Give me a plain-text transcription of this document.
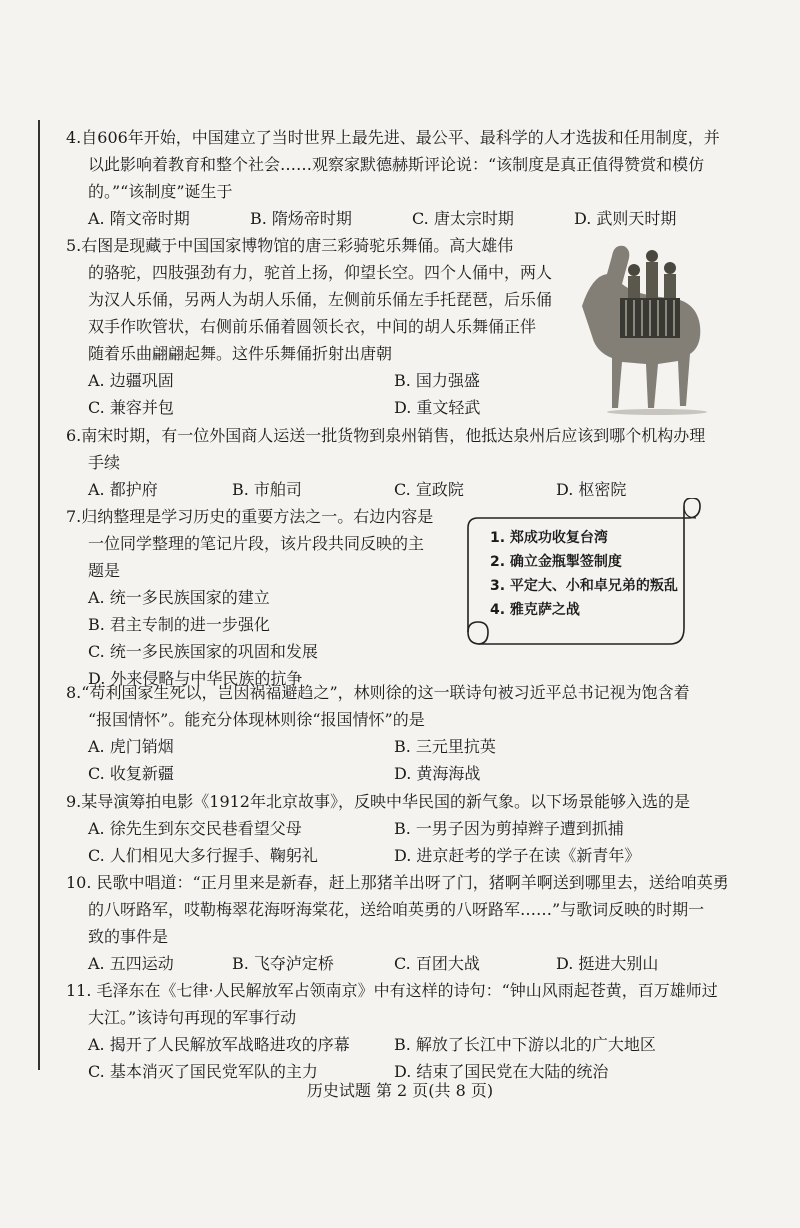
4.自606年开始，中国建立了当时世界上最先进、最公平、最科学的人才选拔和任用制度，并

以此影响着教育和整个社会……观察家默德赫斯评论说：“该制度是真正值得赞赏和模仿

的。”“该制度”诞生于

A. 隋文帝时期	B. 隋炀帝时期	C. 唐太宗时期	D. 武则天时期

5.右图是现藏于中国国家博物馆的唐三彩骑驼乐舞俑。高大雄伟

的骆驼，四肢强劲有力，驼首上扬，仰望长空。四个人俑中，两人

为汉人乐俑，另两人为胡人乐俑，左侧前乐俑左手托琵琶，后乐俑

双手作吹管状，右侧前乐俑着圆领长衣，中间的胡人乐舞俑正伴

随着乐曲翩翩起舞。这件乐舞俑折射出唐朝

A. 边疆巩固	B. 国力强盛
C. 兼容并包	D. 重文轻武

6.南宋时期，有一位外国商人运送一批货物到泉州销售，他抵达泉州后应该到哪个机构办理

手续

A. 都护府	B. 市舶司	C. 宣政院	D. 枢密院

7.归纳整理是学习历史的重要方法之一。右边内容是

一位同学整理的笔记片段，该片段共同反映的主

题是

A. 统一多民族国家的建立

B. 君主专制的进一步强化

C. 统一多民族国家的巩固和发展

D. 外来侵略与中华民族的抗争

1. 郑成功收复台湾
2. 确立金瓶掣签制度
3. 平定大、小和卓兄弟的叛乱
4. 雅克萨之战

8.“苟利国家生死以，岂因祸福避趋之”，林则徐的这一联诗句被习近平总书记视为饱含着

“报国情怀”。能充分体现林则徐“报国情怀”的是

A. 虎门销烟	B. 三元里抗英
C. 收复新疆	D. 黄海海战

9.某导演筹拍电影《1912年北京故事》，反映中华民国的新气象。以下场景能够入选的是

A. 徐先生到东交民巷看望父母	B. 一男子因为剪掉辫子遭到抓捕
C. 人们相见大多行握手、鞠躬礼	D. 进京赶考的学子在读《新青年》

10. 民歌中唱道：“正月里来是新春，赶上那猪羊出呀了门，猪啊羊啊送到哪里去，送给咱英勇

的八呀路军，哎勒梅翠花海呀海棠花，送给咱英勇的八呀路军……”与歌词反映的时期一

致的事件是

A. 五四运动	B. 飞夺泸定桥	C. 百团大战	D. 挺进大别山

11. 毛泽东在《七律·人民解放军占领南京》中有这样的诗句：“钟山风雨起苍黄，百万雄师过

大江。”该诗句再现的军事行动

A. 揭开了人民解放军战略进攻的序幕	B. 解放了长江中下游以北的广大地区
C. 基本消灭了国民党军队的主力	D. 结束了国民党在大陆的统治
历史试题 第 2 页(共 8 页)
